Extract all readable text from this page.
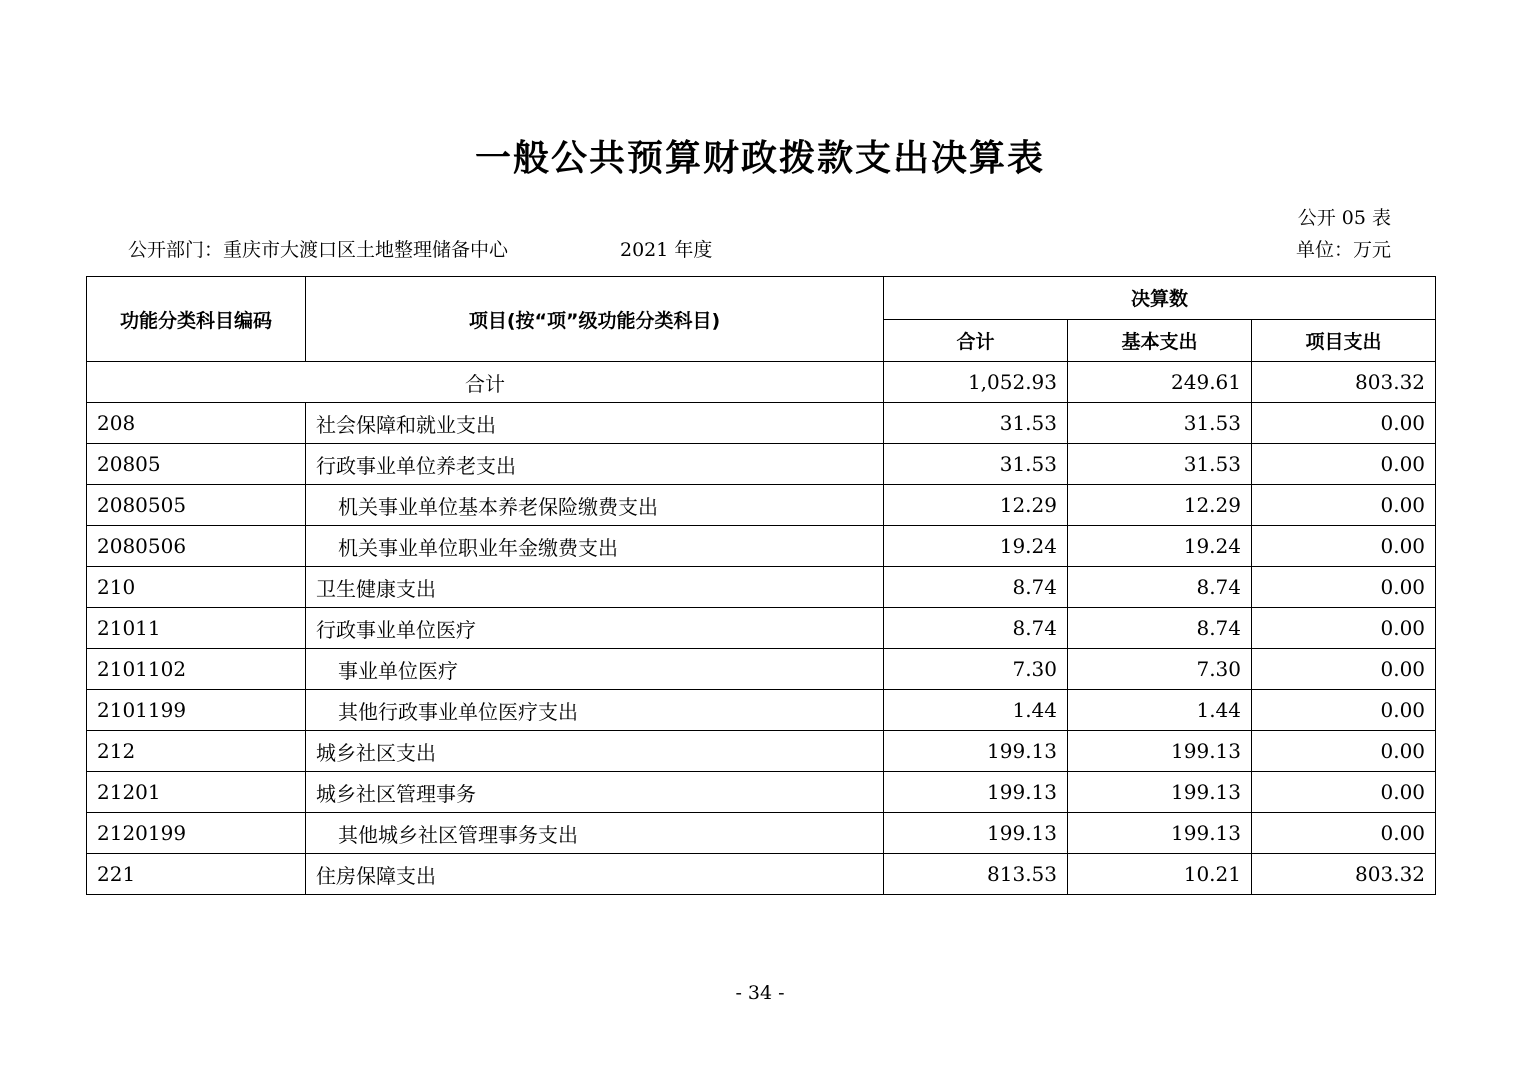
一般公共预算财政拨款支出决算表
公开 05 表
公开部门：重庆市大渡口区土地整理储备中心	2021 年度	单位：万元
功能分类科目编码	项目(按“项”级功能分类科目)	决算数		
		合计	基本支出	项目支出
合计		1,052.93	249.61	803.32
208	社会保障和就业支出	31.53	31.53	0.00
20805	行政事业单位养老支出	31.53	31.53	0.00
2080505	机关事业单位基本养老保险缴费支出	12.29	12.29	0.00
2080506	机关事业单位职业年金缴费支出	19.24	19.24	0.00
210	卫生健康支出	8.74	8.74	0.00
21011	行政事业单位医疗	8.74	8.74	0.00
2101102	事业单位医疗	7.30	7.30	0.00
2101199	其他行政事业单位医疗支出	1.44	1.44	0.00
212	城乡社区支出	199.13	199.13	0.00
21201	城乡社区管理事务	199.13	199.13	0.00
2120199	其他城乡社区管理事务支出	199.13	199.13	0.00
221	住房保障支出	813.53	10.21	803.32
- 34 -
